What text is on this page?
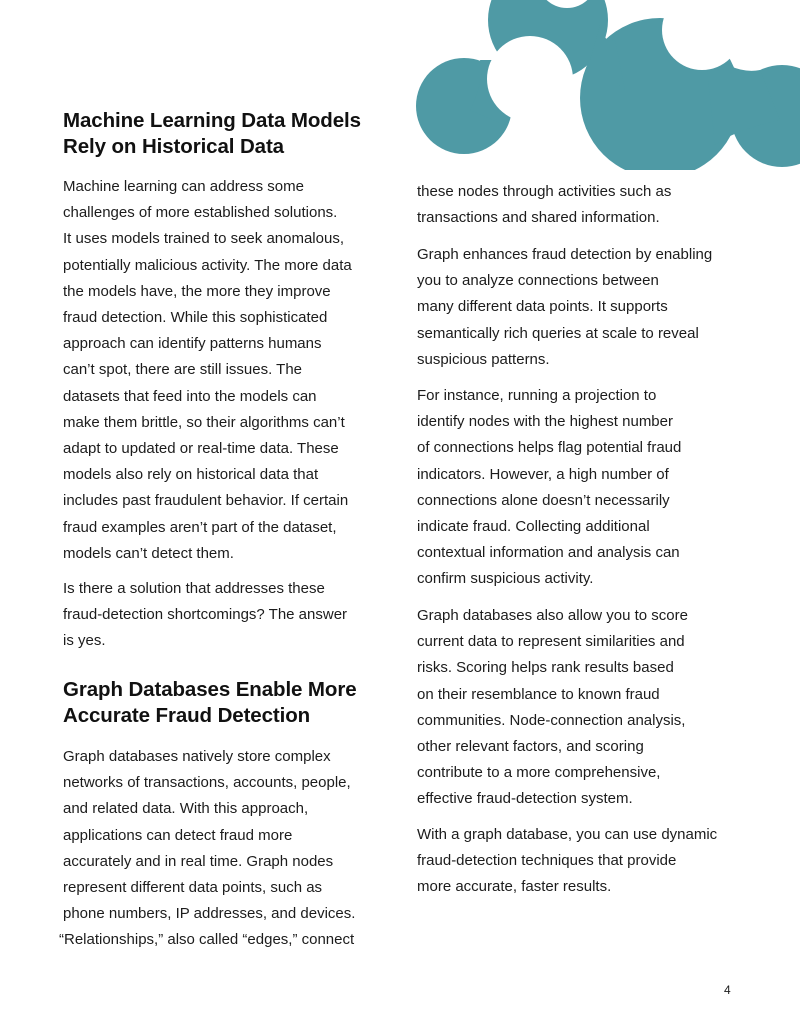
Machine Learning Data Models
Rely on Historical Data
Machine learning can address some
challenges of more established solutions.
It uses models trained to seek anomalous,
potentially malicious activity. The more data
the models have, the more they improve
fraud detection. While this sophisticated
approach can identify patterns humans
can’t spot, there are still issues. The
datasets that feed into the models can
make them brittle, so their algorithms can’t
adapt to updated or real-time data. These
models also rely on historical data that
includes past fraudulent behavior. If certain
fraud examples aren’t part of the dataset,
models can’t detect them.
Is there a solution that addresses these
fraud-detection shortcomings? The answer
is yes.
Graph Databases Enable More
Accurate Fraud Detection
Graph databases natively store complex
networks of transactions, accounts, people,
and related data. With this approach,
applications can detect fraud more
accurately and in real time. Graph nodes
represent different data points, such as
phone numbers, IP addresses, and devices.
“Relationships,” also called “edges,” connect
these nodes through activities such as
transactions and shared information.
Graph enhances fraud detection by enabling
you to analyze connections between
many different data points. It supports
semantically rich queries at scale to reveal
suspicious patterns.
For instance, running a projection to
identify nodes with the highest number
of connections helps flag potential fraud
indicators. However, a high number of
connections alone doesn’t necessarily
indicate fraud. Collecting additional
contextual information and analysis can
confirm suspicious activity.
Graph databases also allow you to score
current data to represent similarities and
risks. Scoring helps rank results based
on their resemblance to known fraud
communities. Node-connection analysis,
other relevant factors, and scoring
contribute to a more comprehensive,
effective fraud-detection system.
With a graph database, you can use dynamic
fraud-detection techniques that provide
more accurate, faster results.
4
